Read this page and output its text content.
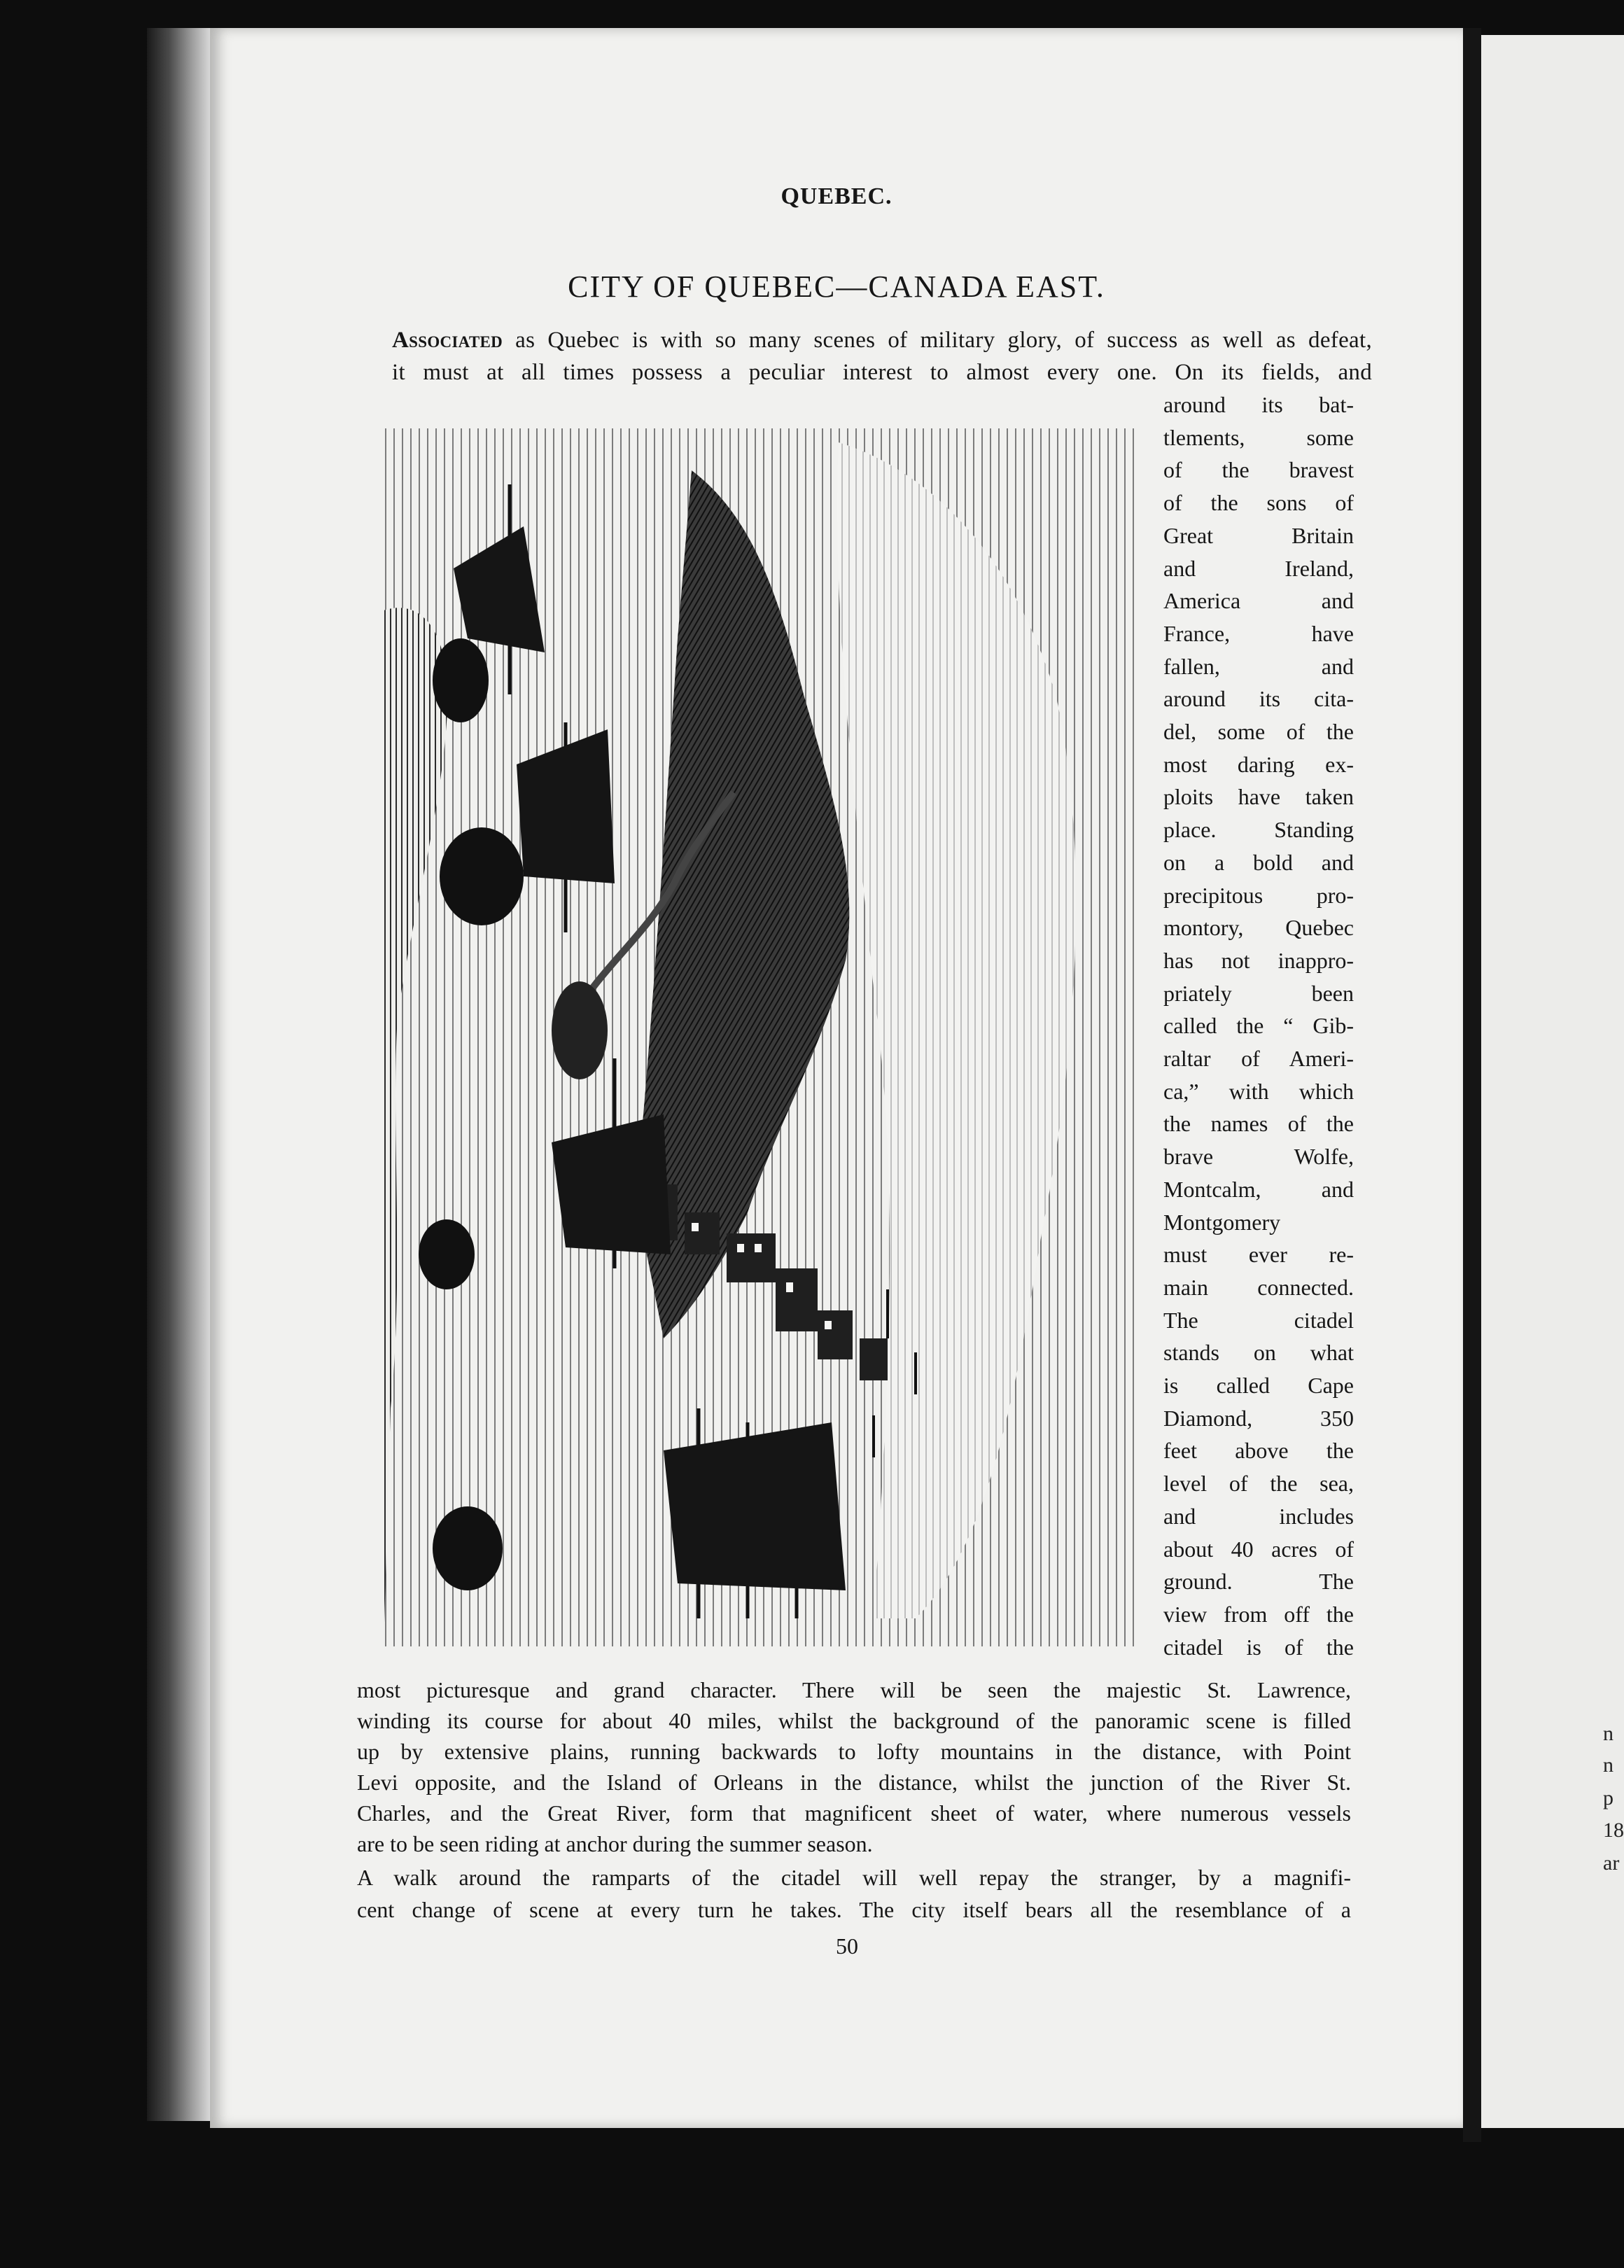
QUEBEC.
CITY OF QUEBEC—CANADA EAST.
Associated as Quebec is with so many scenes of military glory, of success as well as defeat,
it must at all times possess a peculiar interest to almost every one. On its fields, and
around its bat-
tlements, some
of the bravest
of the sons of
Great Britain
and Ireland,
America and
France, have
fallen, and
around its cita-
del, some of the
most daring ex-
ploits have taken
place. Standing
on a bold and
precipitous pro-
montory, Quebec
has not inappro-
priately been
called the “ Gib-
raltar of Ameri-
ca,” with which
the names of the
brave Wolfe,
Montcalm, and
Montgomery
must ever re-
main connected.
The citadel
stands on what
is called Cape
Diamond, 350
feet above the
level of the sea,
and includes
about 40 acres of
ground. The
view from off the
citadel is of the
most picturesque and grand character. There will be seen the majestic St. Lawrence,
winding its course for about 40 miles, whilst the background of the panoramic scene is filled
up by extensive plains, running backwards to lofty mountains in the distance, with Point
Levi opposite, and the Island of Orleans in the distance, whilst the junction of the River St.
Charles, and the Great River, form that magnificent sheet of water, where numerous vessels
are to be seen riding at anchor during the summer season.
A walk around the ramparts of the citadel will well repay the stranger, by a magnifi-
cent change of scene at every turn he takes. The city itself bears all the resemblance of a
50
n
n
p
18
ar
